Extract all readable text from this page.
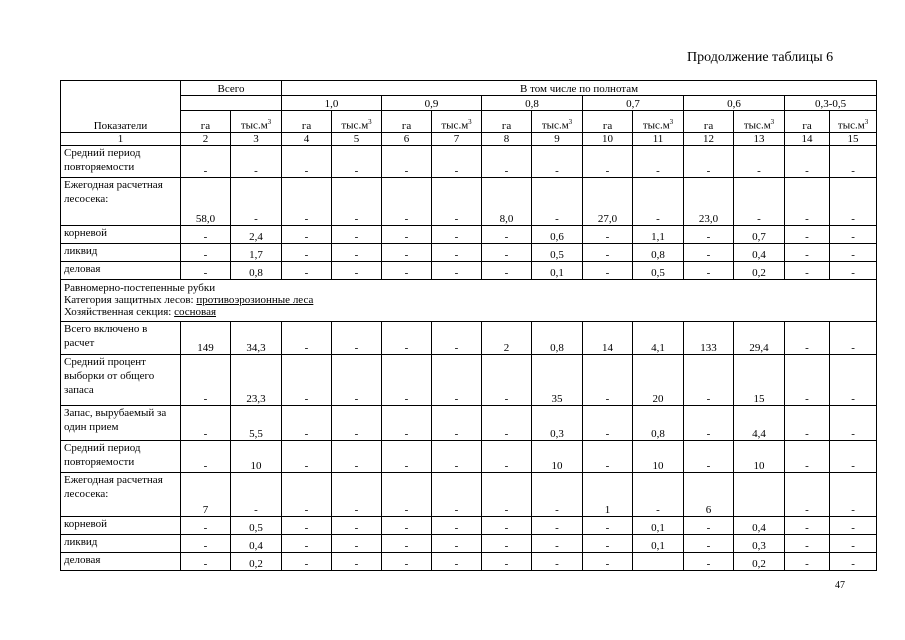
Продолжение таблицы 6
Показатели	Всего		В том числе по полнотам											
			1,0		0,9		0,8		0,7		0,6		0,3-0,5	
	га	$тыс.м^3$	га	$тыс.м^3$	га	$тыс.м^3$	га	$тыс.м^3$	га	$тыс.м^3$	га	$тыс.м^3$	га	$тыс.м^3$
1	2	3	4	5	6	7	8	9	10	11	12	13	14	15
Средний период повторяемости	-	-	-	-	-	-	-	-	-	-	-	-	-	-
Ежегодная расчетная лесосека:	58,0	-	-	-	-	-	8,0	-	27,0	-	23,0	-	-	-
корневой	-	2,4	-	-	-	-	-	0,6	-	1,1	-	0,7	-	-
ликвид	-	1,7	-	-	-	-	-	0,5	-	0,8	-	0,4	-	-
деловая	-	0,8	-	-	-	-	-	0,1	-	0,5	-	0,2	-	-

Равномерно-постепенные рубки
Категория защитных лесов: противоэрозионные леса
Хозяйственная секция: сосновая														

Всего включено в расчет	149	34,3	-	-	-	-	2	0,8	14	4,1	133	29,4	-	-
Средний процент выборки от общего запаса	-	23,3	-	-	-	-	-	35	-	20	-	15	-	-
Запас, вырубаемый за один прием	-	5,5	-	-	-	-	-	0,3	-	0,8	-	4,4	-	-
Средний период повторяемости	-	10	-	-	-	-	-	10	-	10	-	10	-	-
Ежегодная расчетная лесосека:	7	-	-	-	-	-	-	-	1	-	6		-	-
корневой	-	0,5	-	-	-	-	-	-	-	0,1	-	0,4	-	-
ликвид	-	0,4	-	-	-	-	-	-	-	0,1	-	0,3	-	-
деловая	-	0,2	-	-	-	-	-	-	-		-	0,2	-	-
47
